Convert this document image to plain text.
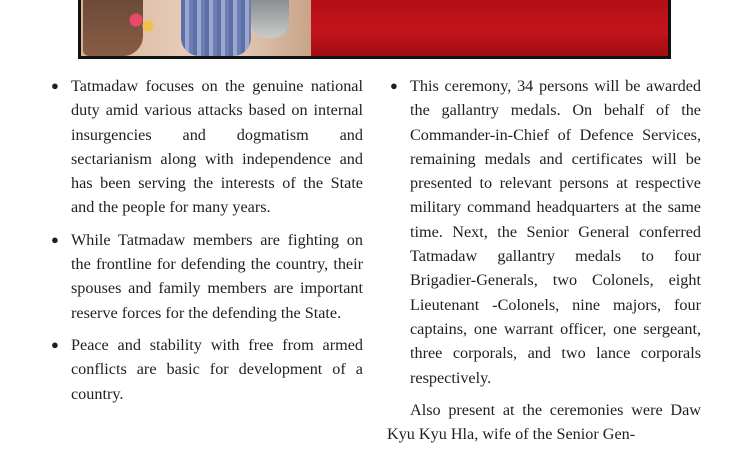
● Tatmadaw focuses on the genuine national duty amid various attacks based on internal insurgencies and dogmatism and sectarianism along with independence and has been serving the interests of the State and the people for many years.
● While Tatmadaw members are fighting on the frontline for defending the country, their spouses and family members are important reserve forces for the defending the State.
● Peace and stability with free from armed conflicts are basic for development of a country.
● This ceremony, 34 persons will be awarded the gallantry medals. On behalf of the Commander-in-Chief of Defence Services, remaining medals and certificates will be presented to relevant persons at respective military command headquarters at the same time. Next, the Senior General conferred Tatmadaw gallantry medals to four Brigadier-Generals, two Colonels, eight Lieutenant -Colonels, nine majors, four captains, one warrant officer, one sergeant, three corporals, and two lance corporals respectively.

Also present at the ceremonies were Daw Kyu Kyu Hla, wife of the Senior Gen-
